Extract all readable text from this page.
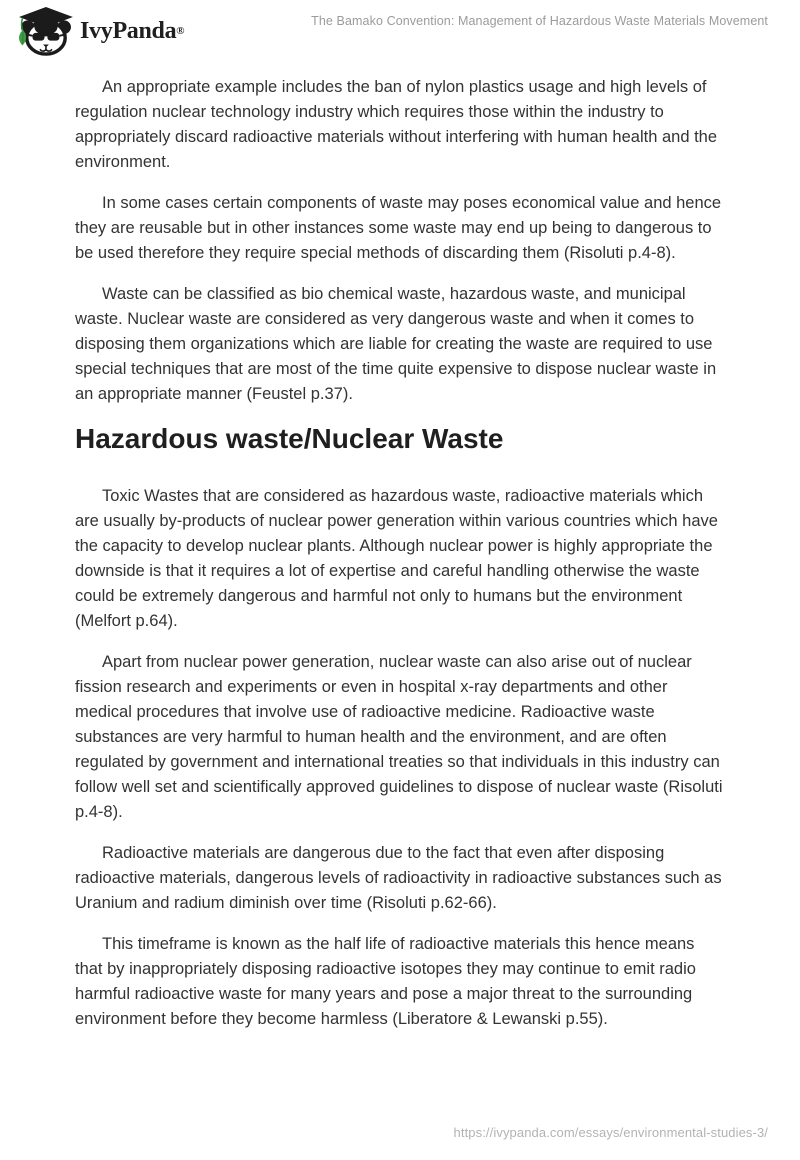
IvyPanda ®
The Bamako Convention: Management of Hazardous Waste Materials Movement

An appropriate example includes the ban of nylon plastics usage and high levels of regulation nuclear technology industry which requires those within the industry to appropriately discard radioactive materials without interfering with human health and the environment.

In some cases certain components of waste may poses economical value and hence they are reusable but in other instances some waste may end up being to dangerous to be used therefore they require special methods of discarding them (Risoluti p.4-8).

Waste can be classified as bio chemical waste, hazardous waste, and municipal waste. Nuclear waste are considered as very dangerous waste and when it comes to disposing them organizations which are liable for creating the waste are required to use special techniques that are most of the time quite expensive to dispose nuclear waste in an appropriate manner (Feustel p.37).

Hazardous waste/Nuclear Waste

Toxic Wastes that are considered as hazardous waste, radioactive materials which are usually by-products of nuclear power generation within various countries which have the capacity to develop nuclear plants. Although nuclear power is highly appropriate the downside is that it requires a lot of expertise and careful handling otherwise the waste could be extremely dangerous and harmful not only to humans but the environment (Melfort p.64).

Apart from nuclear power generation, nuclear waste can also arise out of nuclear fission research and experiments or even in hospital x-ray departments and other medical procedures that involve use of radioactive medicine. Radioactive waste substances are very harmful to human health and the environment, and are often regulated by government and international treaties so that individuals in this industry can follow well set and scientifically approved guidelines to dispose of nuclear waste (Risoluti p.4-8).

Radioactive materials are dangerous due to the fact that even after disposing radioactive materials, dangerous levels of radioactivity in radioactive substances such as Uranium and radium diminish over time (Risoluti p.62-66).

This timeframe is known as the half life of radioactive materials this hence means that by inappropriately disposing radioactive isotopes they may continue to emit radio harmful radioactive waste for many years and pose a major threat to the surrounding environment before they become harmless (Liberatore & Lewanski p.55).

https://ivypanda.com/essays/environmental-studies-3/
